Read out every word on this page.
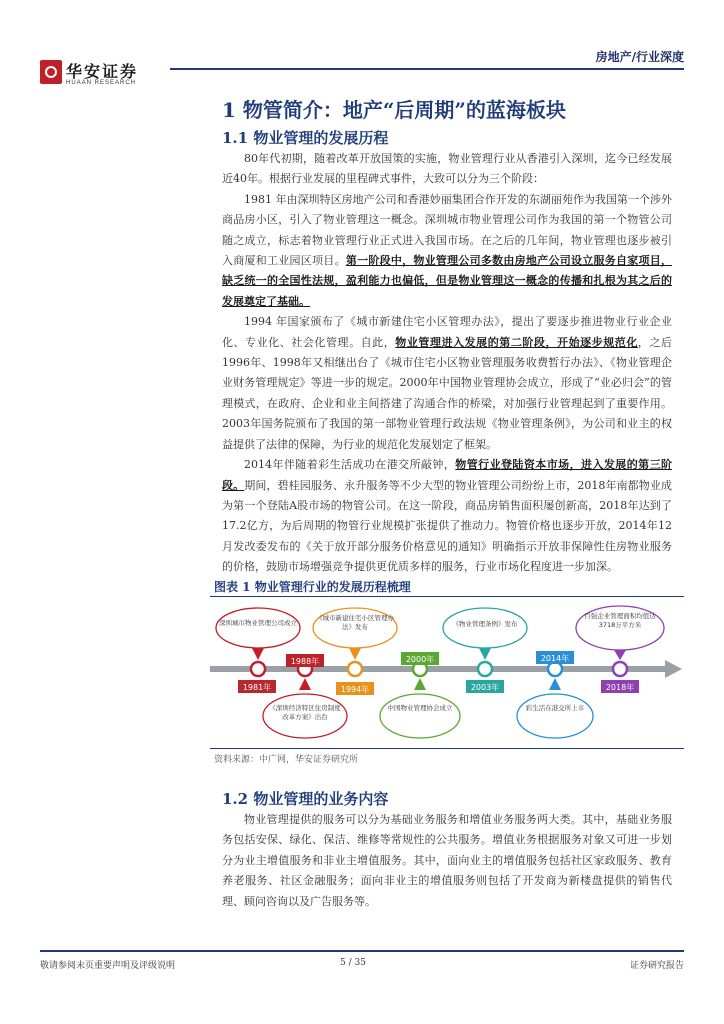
华安证券
HUAAN RESEARCH
房地产/行业深度
1 物管简介：地产“后周期”的蓝海板块
1.1 物业管理的发展历程

80年代初期，随着改革开放国策的实施，物业管理行业从香港引入深圳，迄今已经发展近40年。根据行业发展的里程碑式事件，大致可以分为三个阶段：

1981 年由深圳特区房地产公司和香港妙丽集团合作开发的东湖丽苑作为我国第一个涉外商品房小区，引入了物业管理这一概念。深圳城市物业管理公司作为我国的第一个物管公司随之成立，标志着物业管理行业正式进入我国市场。在之后的几年间，物业管理也逐步被引入商厦和工业园区项目。第一阶段中，物业管理公司多数由房地产公司设立服务自家项目，缺乏统一的全国性法规，盈利能力也偏低，但是物业管理这一概念的传播和扎根为其之后的发展奠定了基础。

1994 年国家颁布了《城市新建住宅小区管理办法》，提出了要逐步推进物业行业企业化、专业化、社会化管理。自此，物业管理进入发展的第二阶段，开始逐步规范化，之后1996年、1998年又相继出台了《城市住宅小区物业管理服务收费暂行办法》、《物业管理企业财务管理规定》等进一步的规定。2000年中国物业管理协会成立，形成了“业必归会”的管理模式，在政府、企业和业主间搭建了沟通合作的桥梁，对加强行业管理起到了重要作用。2003年国务院颁布了我国的第一部物业管理行政法规《物业管理条例》，为公司和业主的权益提供了法律的保障，为行业的规范化发展划定了框架。

2014年伴随着彩生活成功在港交所敲钟，物管行业登陆资本市场，进入发展的第三阶段。期间，碧桂园服务、永升服务等不少大型的物业管理公司纷纷上市，2018年南都物业成为第一个登陆A股市场的物管公司。在这一阶段，商品房销售面积屡创新高，2018年达到了17.2亿方，为后周期的物管行业规模扩张提供了推动力。物管价格也逐步开放，2014年12月发改委发布的《关于放开部分服务价格意见的通知》明确指示开放非保障性住房物业服务的价格，鼓励市场增强竞争提供更优质多样的服务，行业市场化程度进一步加深。

图表 1 物业管理行业的发展历程梳理
深圳城市物业管理公司成立
《城市新建住宅小区管理办法》发布	《物业管理条例》发布
百强企业管理面积均值达3718万平方米
1981年
1988年
1994年
2000年
2003年
2014年
2018年
《深圳经济特区住房制度改革方案》出台
中国物业管理协会成立	彩生活在港交所上市
资料来源：中广网，华安证券研究所
1.2 物业管理的业务内容

物业管理提供的服务可以分为基础业务服务和增值业务服务两大类。其中，基础业务服务包括安保、绿化、保洁、维修等常规性的公共服务。增值业务根据服务对象又可进一步划分为业主增值服务和非业主增值服务。其中，面向业主的增值服务包括社区家政服务、教育养老服务、社区金融服务；面向非业主的增值服务则包括了开发商为新楼盘提供的销售代理、顾问咨询以及广告服务等。

敬请参阅末页重要声明及评级说明	5 / 35	证券研究报告
